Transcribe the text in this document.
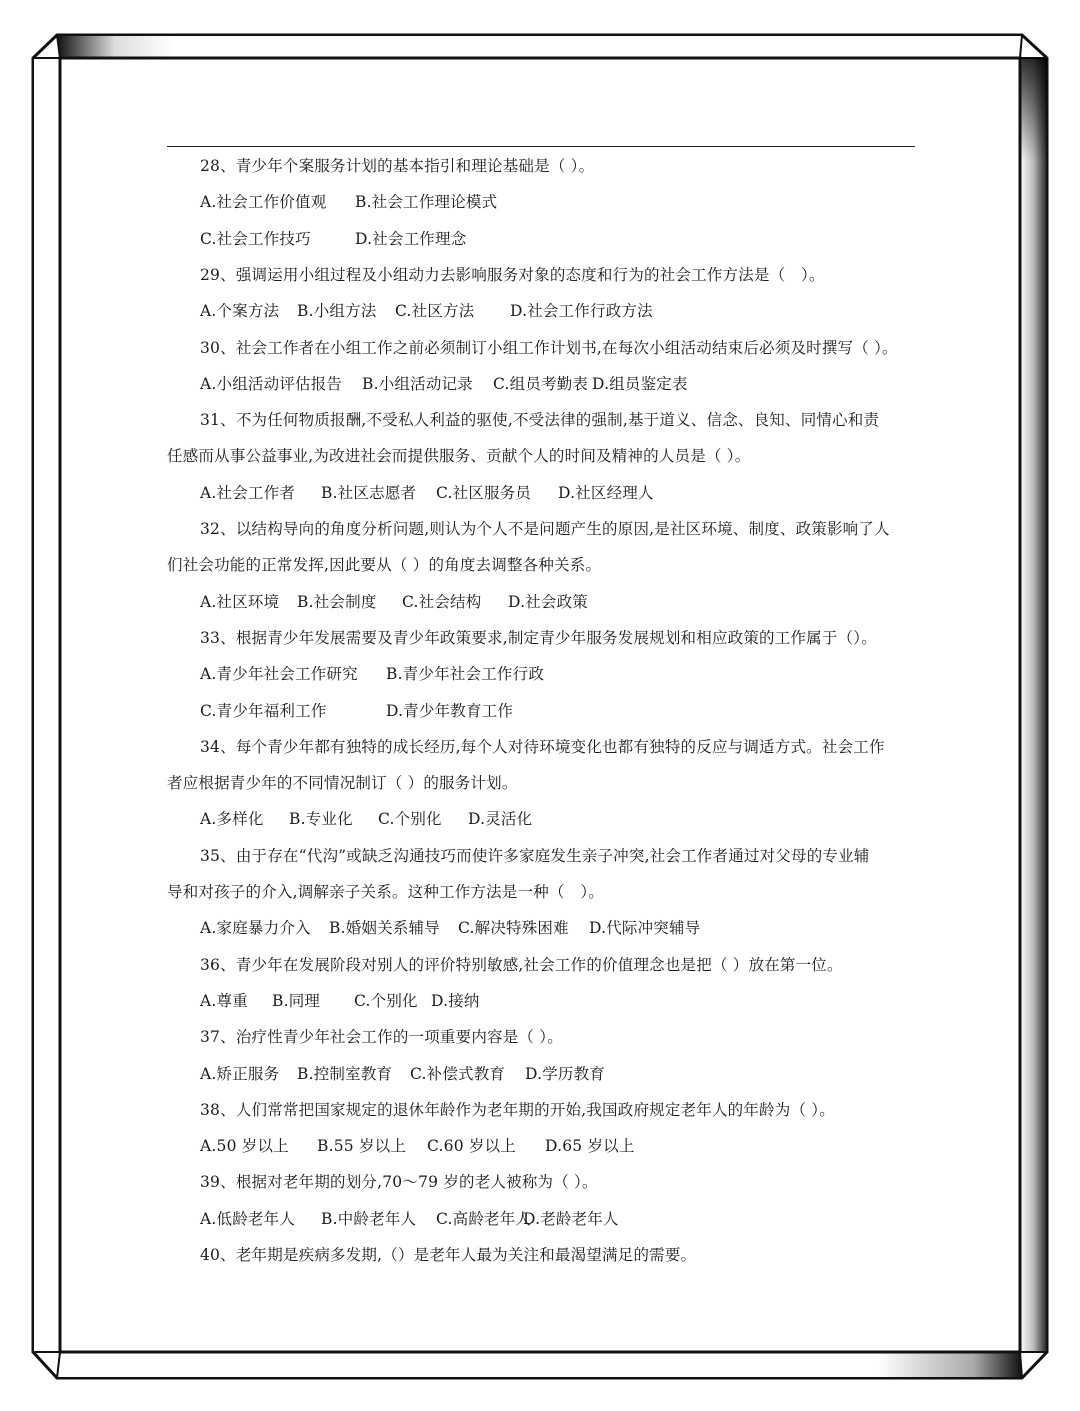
28、青少年个案服务计划的基本指引和理论基础是（ ）。
A.社会工作价值观 B.社会工作理论模式
C.社会工作技巧	D.社会工作理念
29、强调运用小组过程及小组动力去影响服务对象的态度和行为的社会工作方法是（　）。
A.个案方法 B.小组方法 C.社区方法 D.社会工作行政方法
30、社会工作者在小组工作之前必须制订小组工作计划书,在每次小组活动结束后必须及时撰写（ ）。
A.小组活动评估报告 B.小组活动记录 C.组员考勤表 D.组员鉴定表
31、不为任何物质报酬,不受私人利益的驱使,不受法律的强制,基于道义、信念、良知、同情心和责
任感而从事公益事业,为改进社会而提供服务、贡献个人的时间及精神的人员是（ ）。
A.社会工作者 B.社区志愿者 C.社区服务员 D.社区经理人
32、以结构导向的角度分析问题,则认为个人不是问题产生的原因,是社区环境、制度、政策影响了人
们社会功能的正常发挥,因此要从（ ）的角度去调整各种关系。
A.社区环境 B.社会制度 C.社会结构 D.社会政策
33、根据青少年发展需要及青少年政策要求,制定青少年服务发展规划和相应政策的工作属于（）。
A.青少年社会工作研究 B.青少年社会工作行政
C.青少年福利工作	D.青少年教育工作
34、每个青少年都有独特的成长经历,每个人对待环境变化也都有独特的反应与调适方式。社会工作
者应根据青少年的不同情况制订（ ）的服务计划。
A.多样化 B.专业化 C.个别化 D.灵活化
35、由于存在“代沟”或缺乏沟通技巧而使许多家庭发生亲子冲突,社会工作者通过对父母的专业辅
导和对孩子的介入,调解亲子关系。这种工作方法是一种（　）。
A.家庭暴力介入 B.婚姻关系辅导 C.解决特殊困难 D.代际冲突辅导
36、青少年在发展阶段对别人的评价特别敏感,社会工作的价值理念也是把（ ）放在第一位。
A.尊重 B.同理 C.个别化 D.接纳
37、治疗性青少年社会工作的一项重要内容是（ ）。
A.矫正服务 B.控制室教育 C.补偿式教育 D.学历教育
38、人们常常把国家规定的退休年龄作为老年期的开始,我国政府规定老年人的年龄为（ ）。
A.50 岁以上 B.55 岁以上 C.60 岁以上 D.65 岁以上
39、根据对老年期的划分,70～79 岁的老人被称为（ ）。
A.低龄老年人 B.中龄老年人 C.高龄老年人
D.老龄老年人
40、老年期是疾病多发期,（）是老年人最为关注和最渴望满足的需要。
